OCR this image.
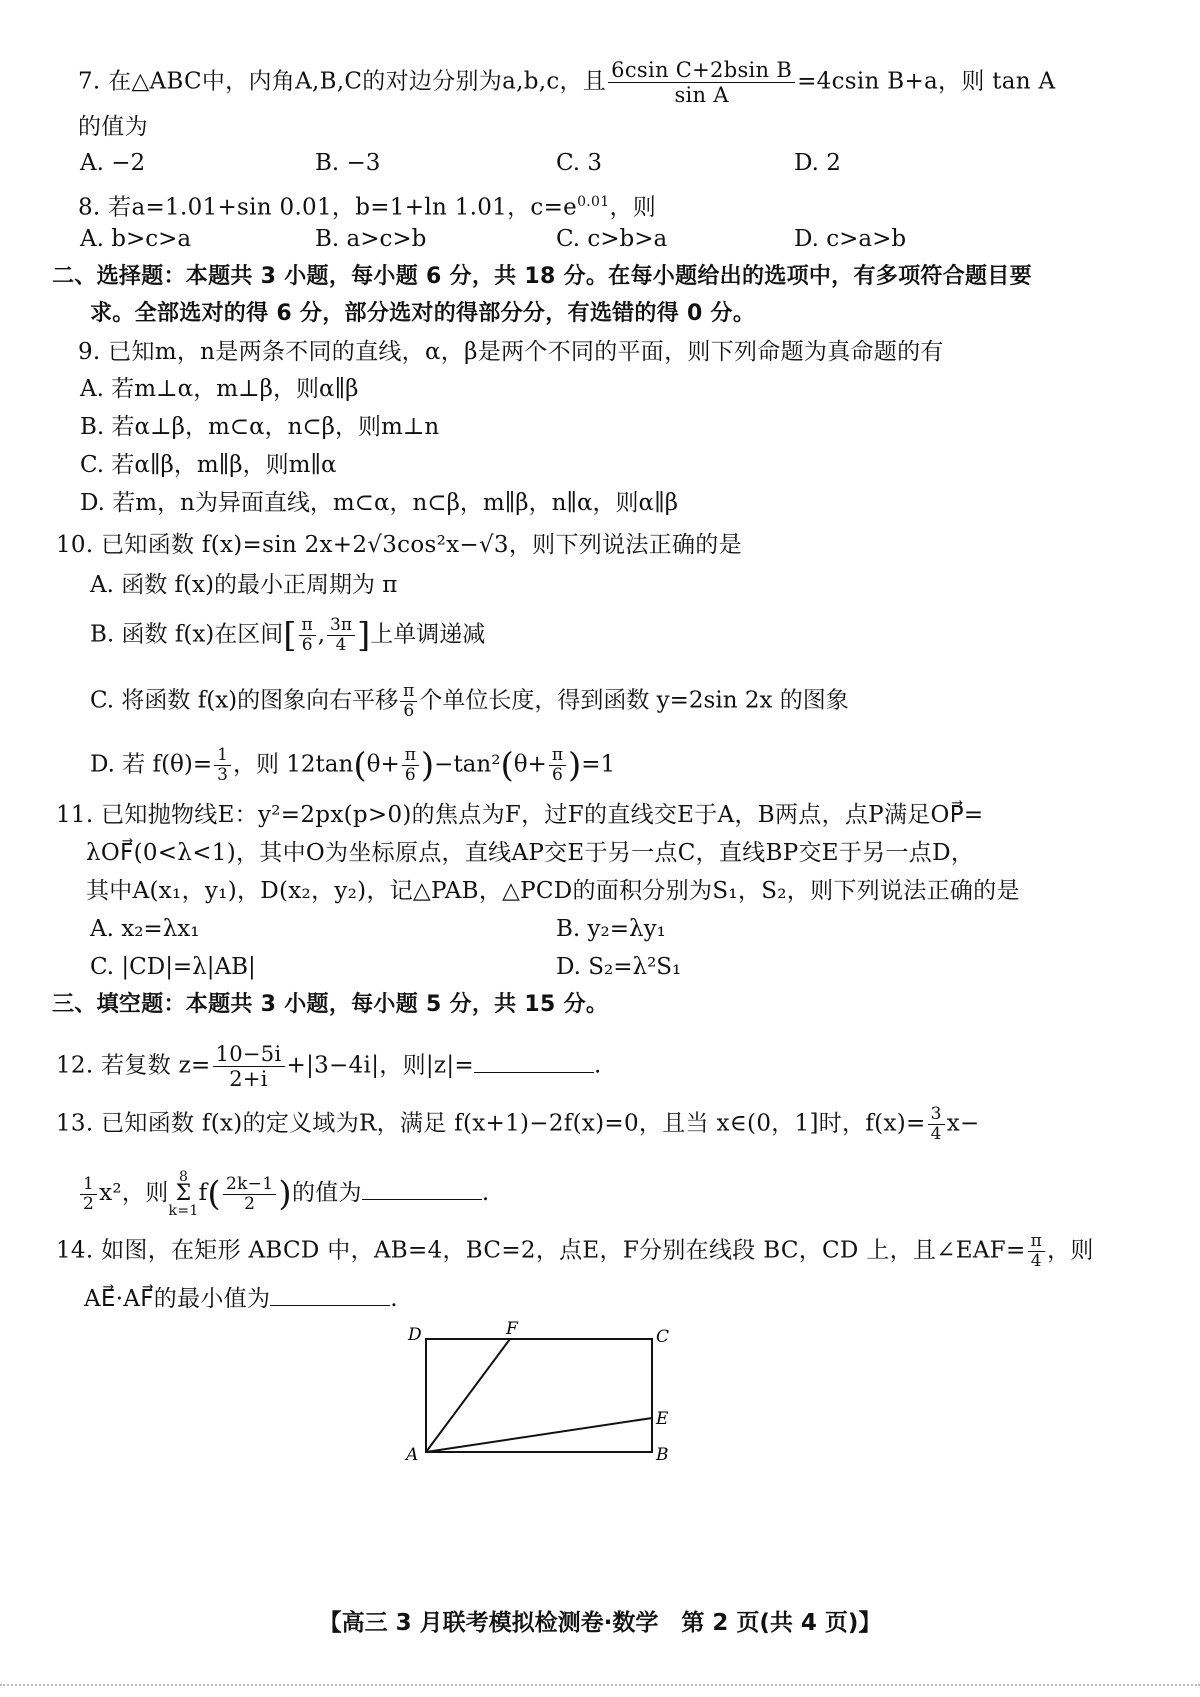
7. 在△ABC中，内角A,B,C的对边分别为a,b,c，且 $\frac{\text{6csin C+2bsin B}}{\text{sin A}} =4csin$ B+a，则 tan A
的值为
A. −2	B. −3	C. 3	D. 2
8. 若a=1.01+sin 0.01，b=1+ln 1.01，$c=e^{0.01}$，则
A. b>c>a	B. a>c>b	C. c>b>a	D. c>a>b
二、选择题：本题共 3 小题，每小题 6 分，共 18 分。在每小题给出的选项中，有多项符合题目要
求。全部选对的得 6 分，部分选对的得部分分，有选错的得 0 分。
9. 已知m，n是两条不同的直线，α，β是两个不同的平面，则下列命题为真命题的有
A. 若m⊥α，m⊥β，则α∥β
B. 若α⊥β，m⊂α，n⊂β，则m⊥n
C. 若α∥β，m∥β，则m∥α
D. 若m，n为异面直线，m⊂α，n⊂β，m∥β，n∥α，则α∥β
10. 已知函数 f(x)=sin 2x+2√3cos²x−√3，则下列说法正确的是
A. 函数 f(x)的最小正周期为 π
B. 函数 f(x)在区间[ $\frac{\pi}{6}$ , $\frac{3\pi}{4}$ ]上单调递减
C. 将函数 f(x)的图象向右平移 $\frac{\pi}{6}$ 个单位长度，得到函数 y=2sin 2x 的图象
D. 若 $f(\theta)= \frac{1}{3}$ ，则 $12\tan(\theta+ \frac{\pi}{6} )-\tan^2(\theta+ \frac{\pi}{6} )=1$
11. 已知抛物线E：y²=2px(p>0)的焦点为F，过F的直线交E于A，B两点，点P满足OP⃗=
λOF⃗(0<λ<1)，其中O为坐标原点，直线AP交E于另一点C，直线BP交E于另一点D，
其中A(x₁，y₁)，D(x₂，y₂)，记△PAB，△PCD的面积分别为S₁，S₂，则下列说法正确的是
A. x₂=λx₁	B. y₂=λy₁
C. |CD|=λ|AB|	D. S₂=λ²S₁
三、填空题：本题共 3 小题，每小题 5 分，共 15 分。
12. 若复数 $z= \frac{10-5i}{2+i} +|3-4i|$，则|z|=	.
13. 已知函数 f(x)的定义域为R，满足 f(x+1)−2f(x)=0，且当 x∈(0，1]时，$f(x)= \frac{3}{4} x-$
$\frac{1}{2} x^2$，则
8
Σ
k=1
$f( \frac{2k-1}{2}$ )的值为	.
14. 如图，在矩形 ABCD 中，AB=4，BC=2，点E，F分别在线段 BC，CD 上，且∠EAF= $\frac{\pi}{4}$ ，则
AE⃗·AF⃗的最小值为	.
D	F	C
E
A	B
【高三 3 月联考模拟检测卷·数学　第 2 页(共 4 页)】
